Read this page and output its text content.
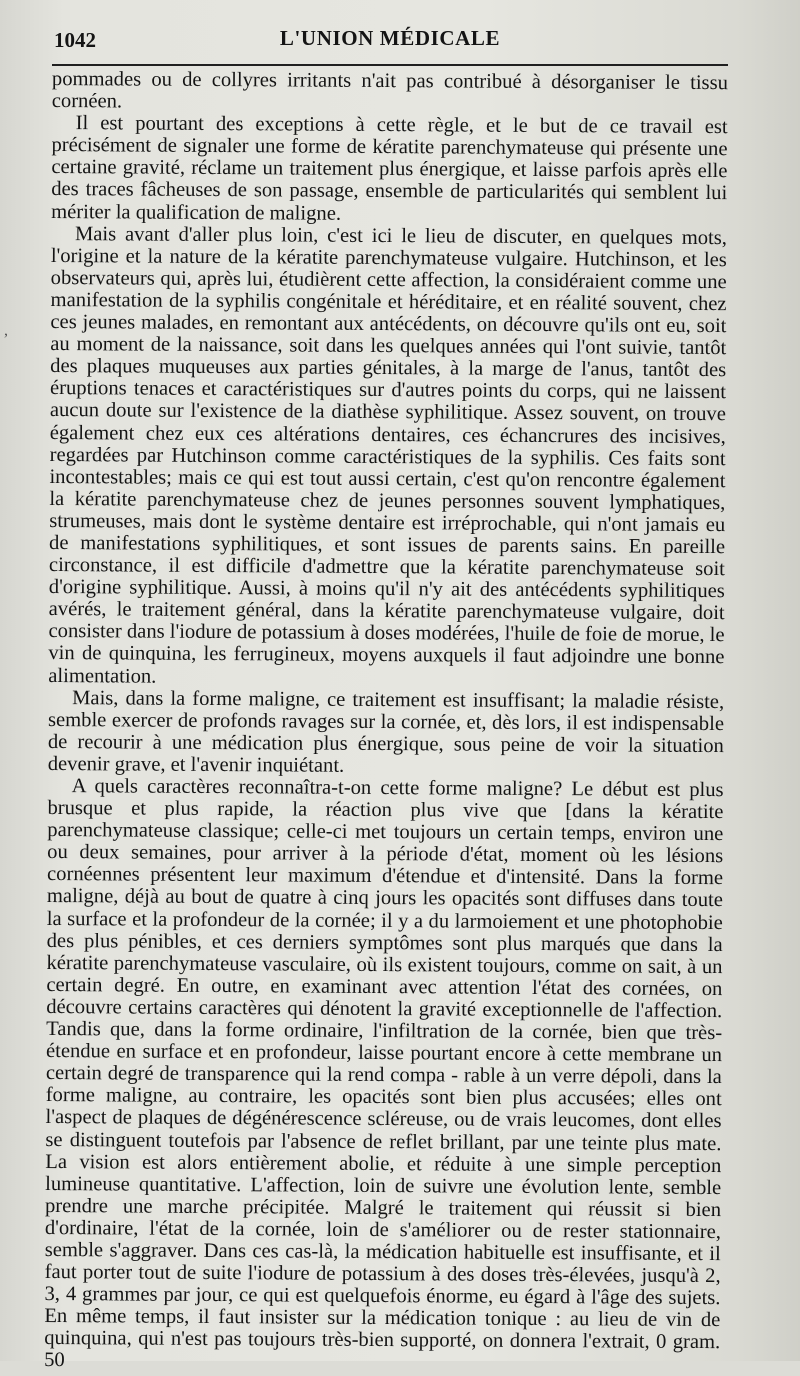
1042	L'UNION MÉDICALE
,

pommades ou de collyres irritants n'ait pas contribué à désorganiser le tissu cornéen.

Il est pourtant des exceptions à cette règle, et le but de ce travail est précisément de signaler une forme de kératite parenchymateuse qui présente une certaine gravité, réclame un traitement plus énergique, et laisse parfois après elle des traces fâcheuses de son passage, ensemble de particularités qui semblent lui mériter la qualification de maligne.

Mais avant d'aller plus loin, c'est ici le lieu de discuter, en quelques mots, l'origine et la nature de la kératite parenchymateuse vulgaire. Hutchinson, et les observateurs qui, après lui, étudièrent cette affection, la considéraient comme une manifestation de la syphilis congénitale et héréditaire, et en réalité souvent, chez ces jeunes malades, en remontant aux antécédents, on découvre qu'ils ont eu, soit au moment de la naissance, soit dans les quelques années qui l'ont suivie, tantôt des plaques muqueuses aux parties génitales, à la marge de l'anus, tantôt des éruptions tenaces et caractéristiques sur d'autres points du corps, qui ne laissent aucun doute sur l'existence de la diathèse syphilitique. Assez souvent, on trouve également chez eux ces altérations dentaires, ces échancrures des incisives, regardées par Hutchinson comme caractéristiques de la syphilis. Ces faits sont incontestables; mais ce qui est tout aussi certain, c'est qu'on rencontre également la kératite parenchymateuse chez de jeunes personnes souvent lymphatiques, strumeuses, mais dont le système dentaire est irréprochable, qui n'ont jamais eu de manifestations syphilitiques, et sont issues de parents sains. En pareille circonstance, il est difficile d'admettre que la kératite parenchymateuse soit d'origine syphilitique. Aussi, à moins qu'il n'y ait des antécédents syphilitiques avérés, le traitement général, dans la kératite parenchymateuse vulgaire, doit consister dans l'iodure de potassium à doses modérées, l'huile de foie de morue, le vin de quinquina, les ferrugineux, moyens auxquels il faut adjoindre une bonne alimentation.

Mais, dans la forme maligne, ce traitement est insuffisant; la maladie résiste, semble exercer de profonds ravages sur la cornée, et, dès lors, il est indispensable de recourir à une médication plus énergique, sous peine de voir la situation devenir grave, et l'avenir inquiétant.

A quels caractères reconnaîtra-t-on cette forme maligne? Le début est plus brusque et plus rapide, la réaction plus vive que [dans la kératite parenchymateuse classique; celle-ci met toujours un certain temps, environ une ou deux semaines, pour arriver à la période d'état, moment où les lésions cornéennes présentent leur maximum d'étendue et d'intensité. Dans la forme maligne, déjà au bout de quatre à cinq jours les opacités sont diffuses dans toute la surface et la profondeur de la cornée; il y a du larmoiement et une photophobie des plus pénibles, et ces derniers symptômes sont plus marqués que dans la kératite parenchymateuse vasculaire, où ils existent toujours, comme on sait, à un certain degré. En outre, en examinant avec attention l'état des cornées, on découvre certains caractères qui dénotent la gravité exceptionnelle de l'affection. Tandis que, dans la forme ordinaire, l'infiltration de la cornée, bien que très-étendue en surface et en profondeur, laisse pourtant encore à cette membrane un certain degré de transparence qui la rend compa - rable à un verre dépoli, dans la forme maligne, au contraire, les opacités sont bien plus accusées; elles ont l'aspect de plaques de dégénérescence scléreuse, ou de vrais leucomes, dont elles se distinguent toutefois par l'absence de reflet brillant, par une teinte plus mate. La vision est alors entièrement abolie, et réduite à une simple perception lumineuse quantitative. L'affection, loin de suivre une évolution lente, semble prendre une marche précipitée. Malgré le traitement qui réussit si bien d'ordinaire, l'état de la cornée, loin de s'améliorer ou de rester stationnaire, semble s'aggraver. Dans ces cas-là, la médication habituelle est insuffisante, et il faut porter tout de suite l'iodure de potassium à des doses très-élevées, jusqu'à 2, 3, 4 grammes par jour, ce qui est quelquefois énorme, eu égard à l'âge des sujets. En même temps, il faut insister sur la médication tonique : au lieu de vin de quinquina, qui n'est pas toujours très-bien supporté, on donnera l'extrait, 0 gram. 50
